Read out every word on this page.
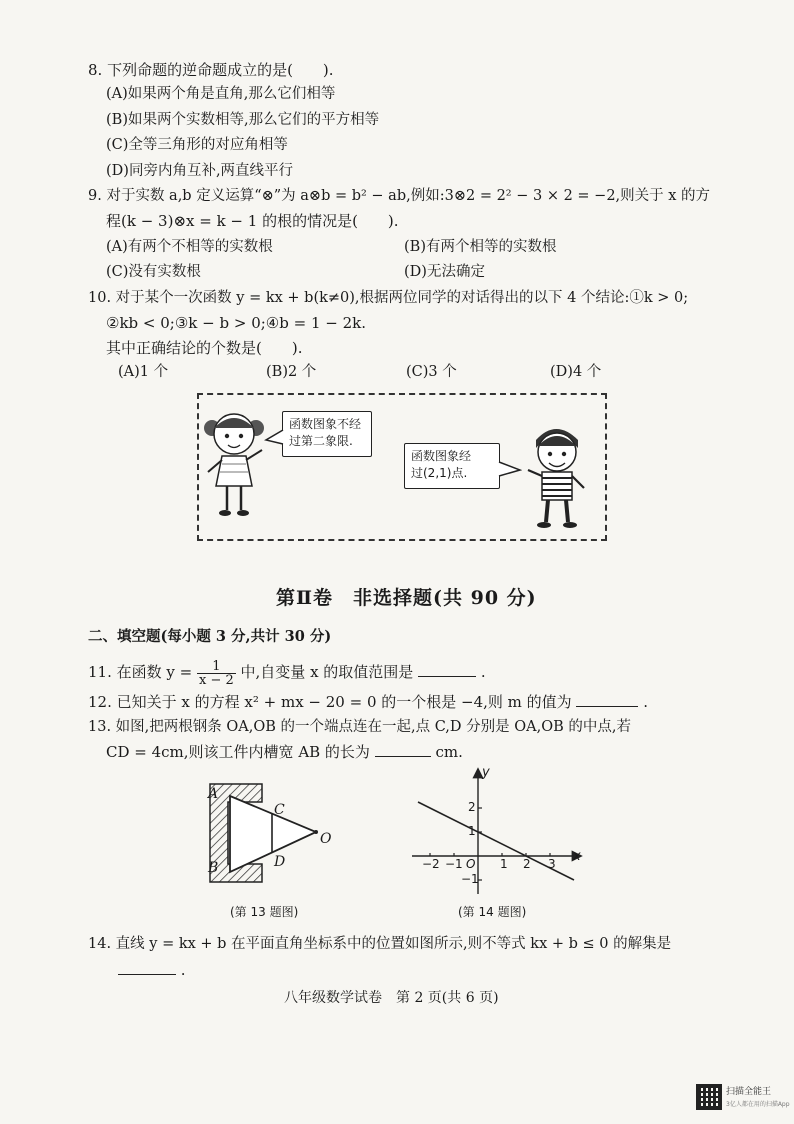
8. 下列命题的逆命题成立的是(　　).
(A)如果两个角是直角,那么它们相等
(B)如果两个实数相等,那么它们的平方相等
(C)全等三角形的对应角相等
(D)同旁内角互补,两直线平行
9. 对于实数 a,b 定义运算“⊗”为 a⊗b = b² − ab,例如:3⊗2 = 2² − 3 × 2 = −2,则关于 x 的方
程(k − 3)⊗x = k − 1 的根的情况是(　　).
(A)有两个不相等的实数根	(B)有两个相等的实数根
(C)没有实数根	(D)无法确定
10. 对于某个一次函数 y = kx + b(k≠0),根据两位同学的对话得出的以下 4 个结论:①k > 0;
②kb < 0;③k − b > 0;④b = 1 − 2k.
其中正确结论的个数是(　　).
(A)1 个	(B)2 个	(C)3 个	(D)4 个
函数图象不经
过第二象限.
函数图象经
过(2,1)点.
第Ⅱ卷　非选择题(共 90 分)
二、填空题(每小题 3 分,共计 30 分)
11. 在函数 $y = \frac{1}{x - 2}$ 中,自变量 x 的取值范围是	.
12. 已知关于 x 的方程 x² + mx − 20 = 0 的一个根是 −4,则 m 的值为	.
13. 如图,把两根钢条 OA,OB 的一个端点连在一起,点 C,D 分别是 OA,OB 的中点,若
CD = 4cm,则该工件内槽宽 AB 的长为	cm.
A
B
C
D
O
(第 13 题图)
x
y
O
−2 −1	1 2 3
2
1
−1
(第 14 题图)
14. 直线 y = kx + b 在平面直角坐标系中的位置如图所示,则不等式 kx + b ≤ 0 的解集是
.
八年级数学试卷　第 2 页(共 6 页)
扫描全能王
3亿人都在用的扫描App
